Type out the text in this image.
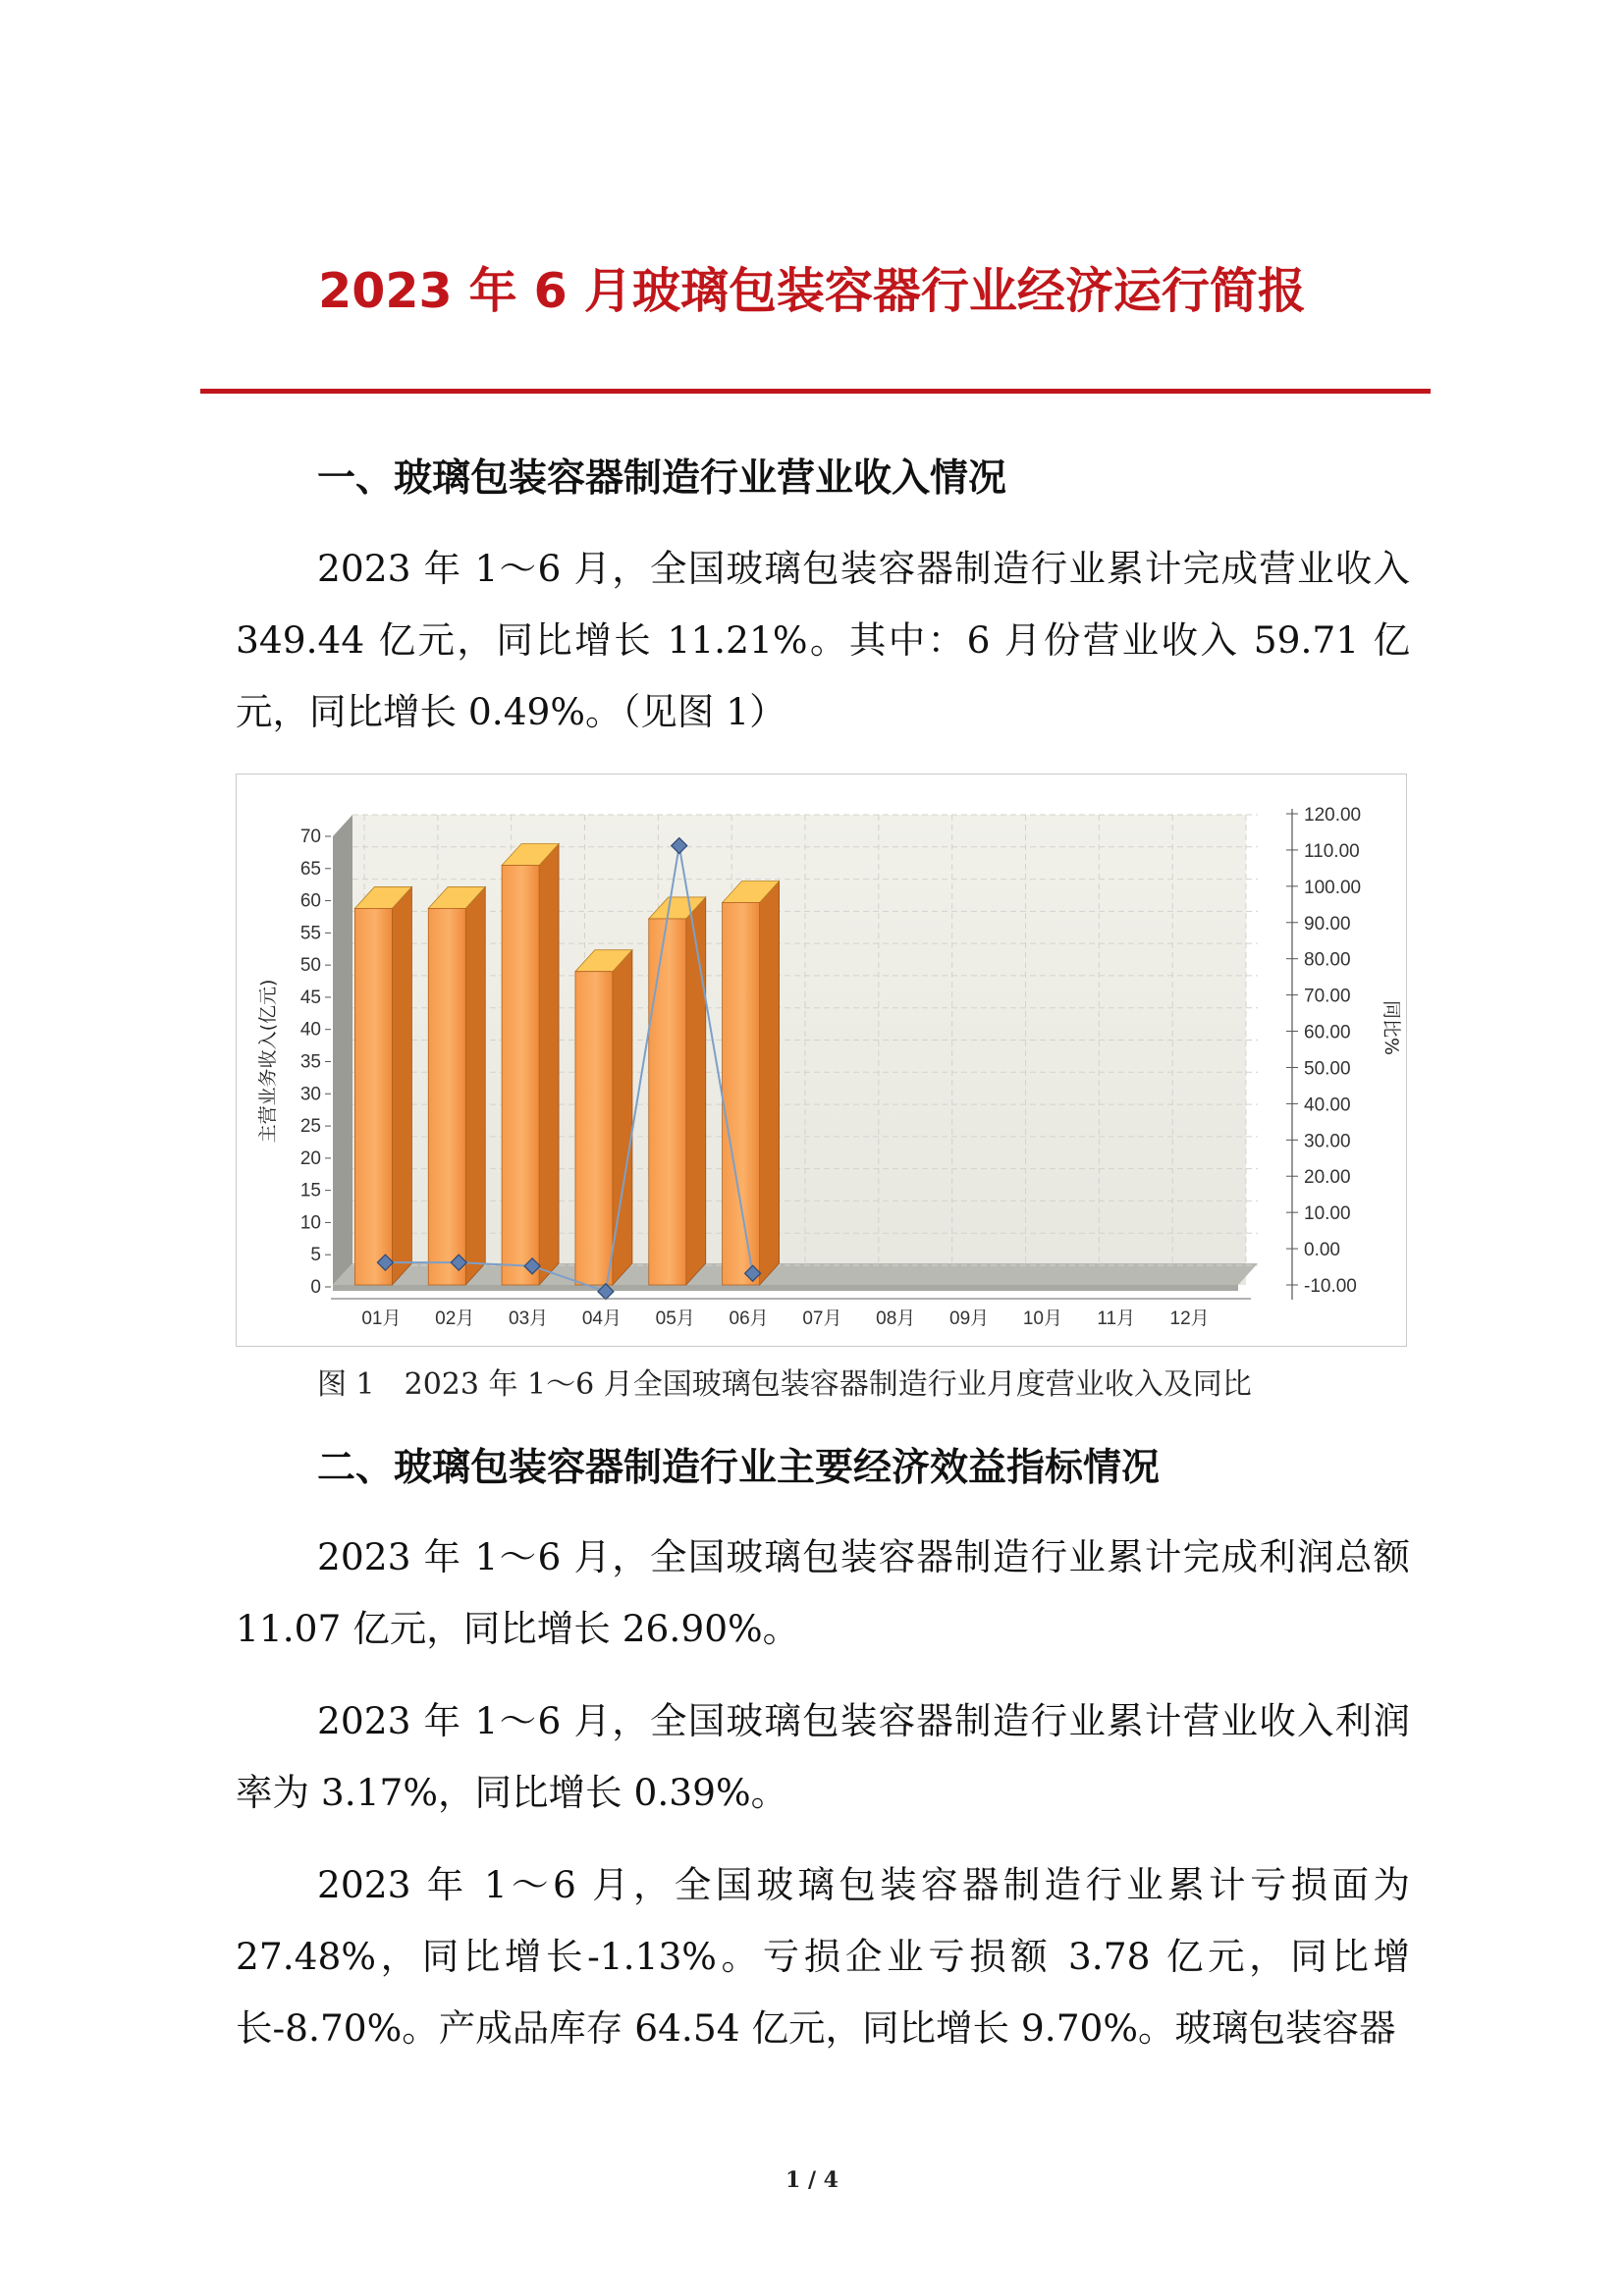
2023 年 6 月玻璃包装容器行业经济运行简报
一、玻璃包装容器制造行业营业收入情况

2023 年 1～6 月，全国玻璃包装容器制造行业累计完成营业收入 349.44 亿元，同比增长 11.21%。其中：6 月份营业收入 59.71 亿元，同比增长 0.49%。（见图 1）

0
5
10
15
20
25
30
35
40
45
50
55
60
65
70
-10.00
0.00
10.00
20.00
30.00
40.00
50.00
60.00
70.00
80.00
90.00
100.00
110.00
120.00
01月 02月 03月 04月 05月 06月 07月 08月 09月 10月 11月 12月
主营业务收入(亿元)	同比%
图 1　2023 年 1～6 月全国玻璃包装容器制造行业月度营业收入及同比
二、玻璃包装容器制造行业主要经济效益指标情况

2023 年 1～6 月，全国玻璃包装容器制造行业累计完成利润总额 11.07 亿元，同比增长 26.90%。

2023 年 1～6 月，全国玻璃包装容器制造行业累计营业收入利润率为 3.17%，同比增长 0.39%。

2023 年 1～6 月，全国玻璃包装容器制造行业累计亏损面为 27.48%，同比增长-1.13%。亏损企业亏损额 3.78 亿元，同比增长-8.70%。产成品库存 64.54 亿元，同比增长 9.70%。玻璃包装容器

1 / 4
